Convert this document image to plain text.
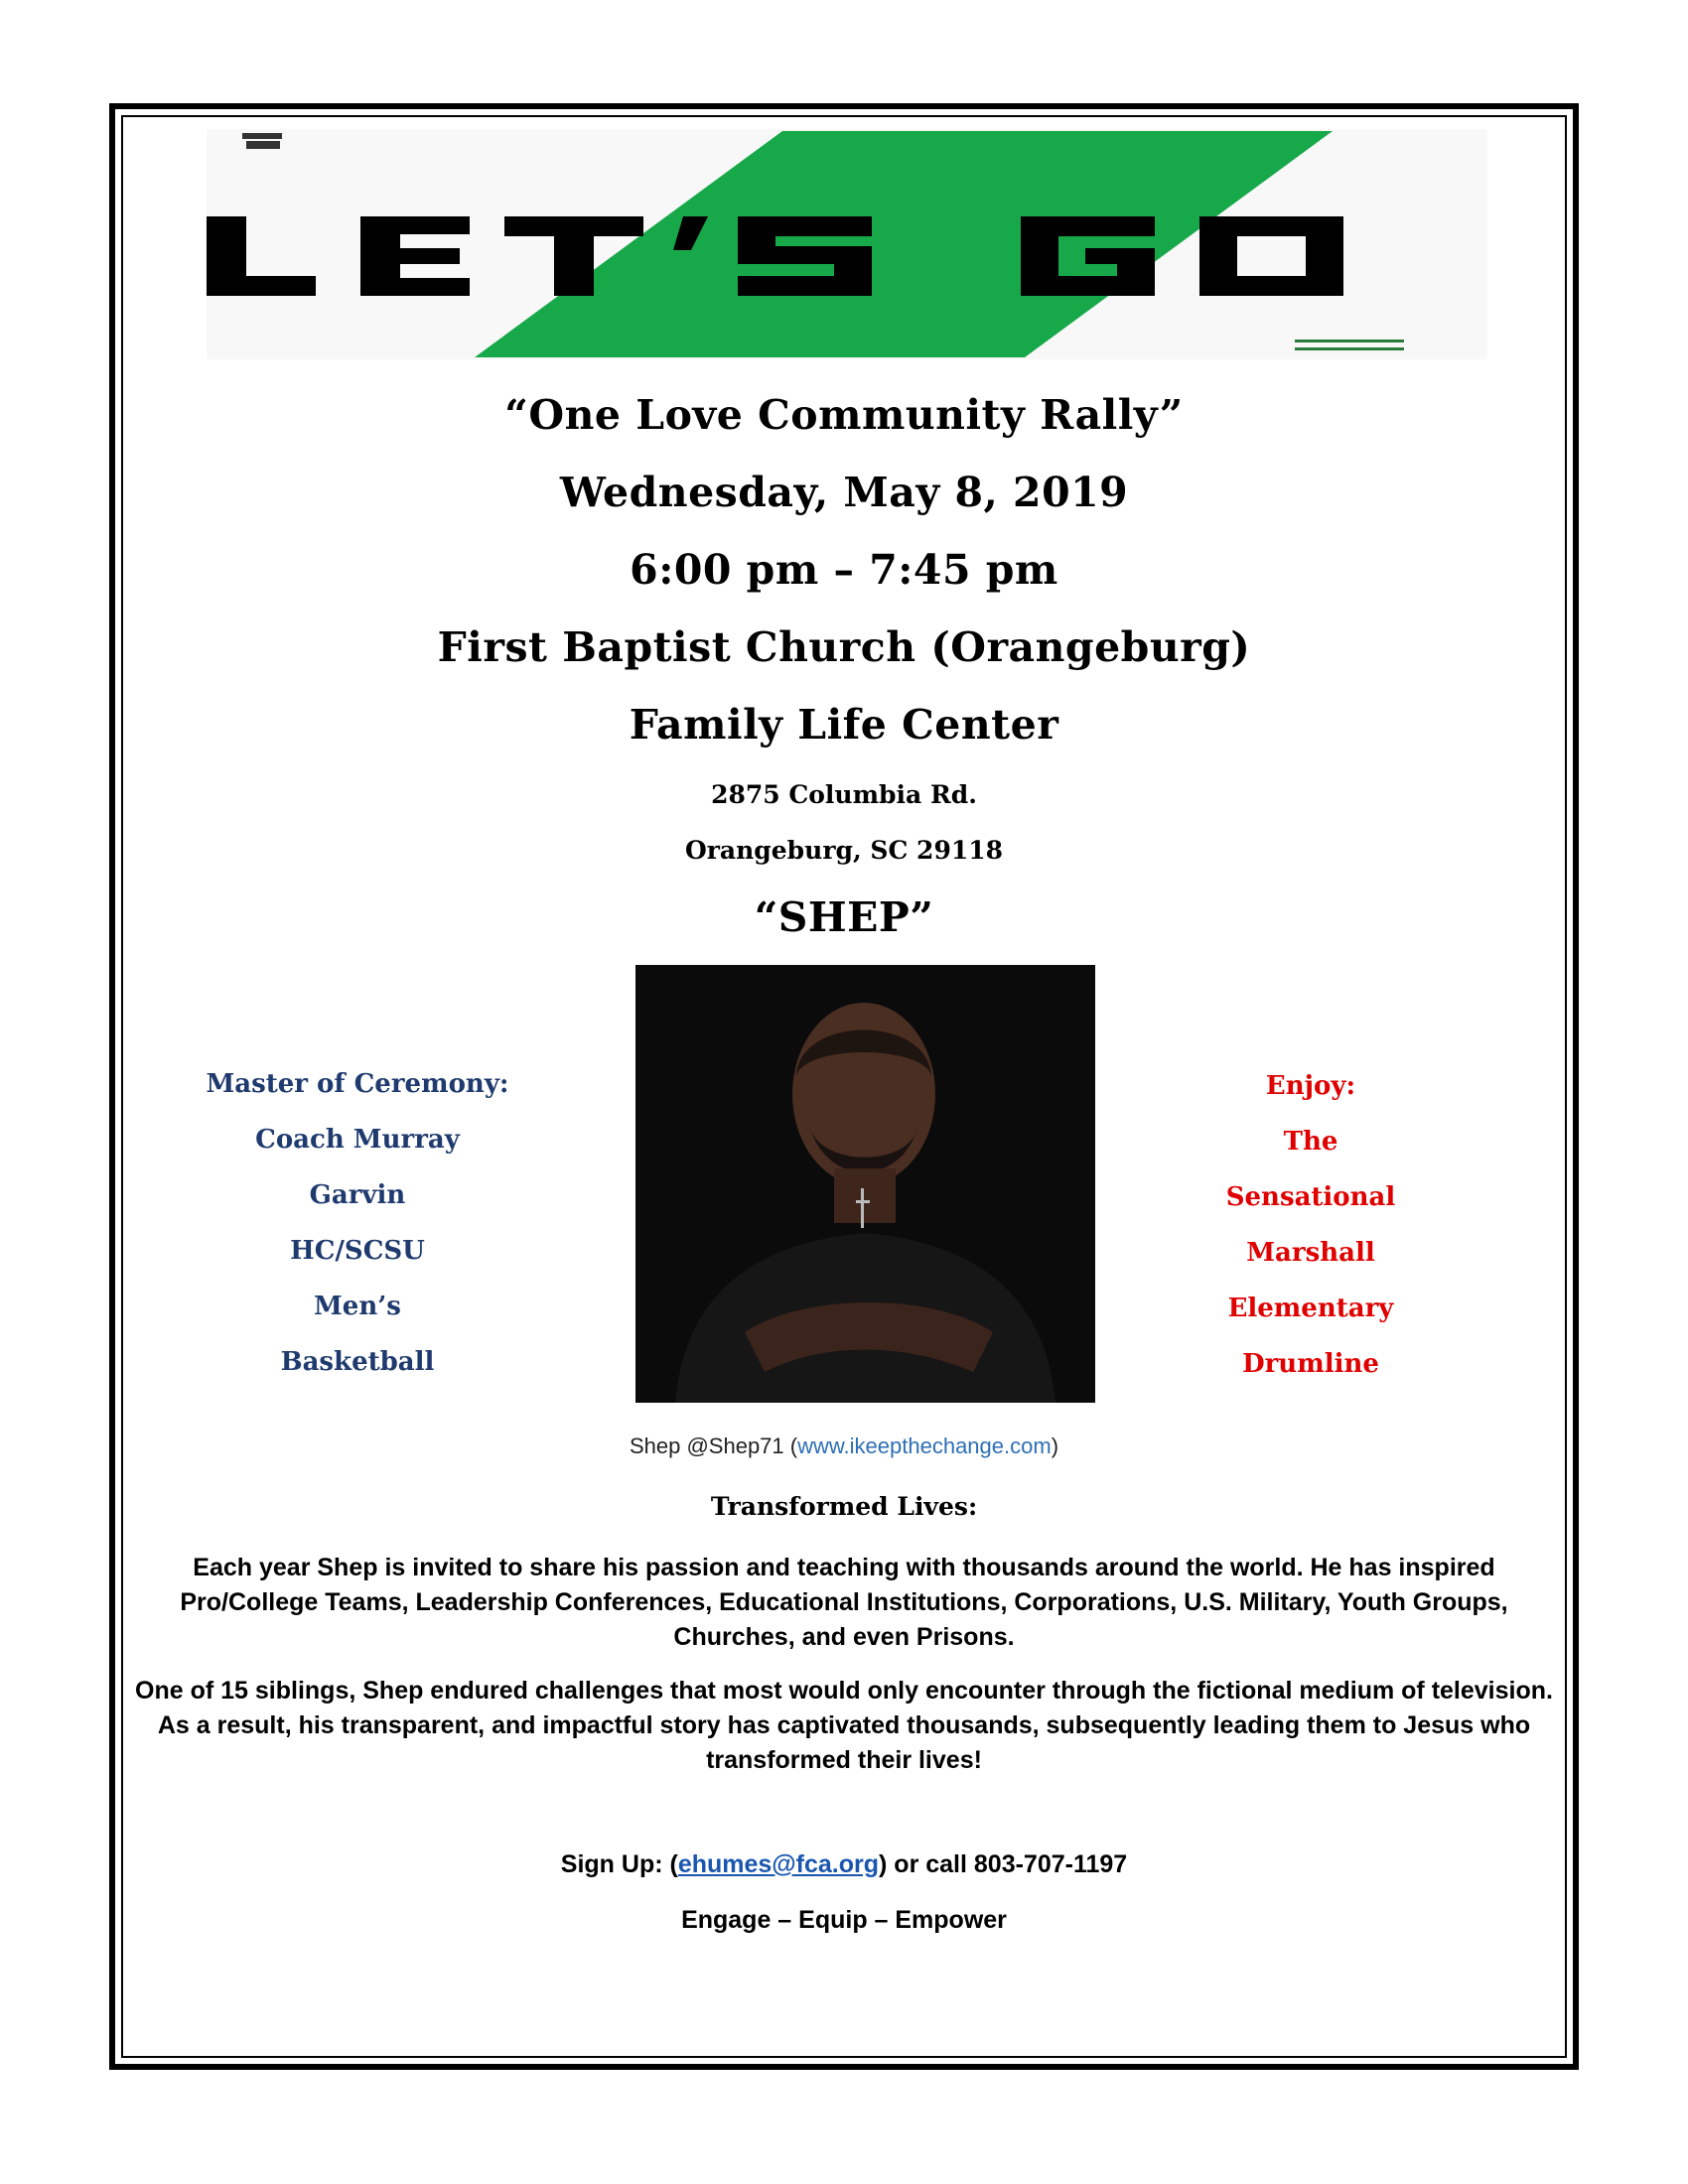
“One Love Community Rally”
Wednesday, May 8, 2019
6:00 pm – 7:45 pm
First Baptist Church (Orangeburg)
Family Life Center
2875 Columbia Rd.
Orangeburg, SC 29118
“SHEP”
Master of Ceremony:
Coach Murray
Garvin
HC/SCSU
Men’s
Basketball
Enjoy:
The
Sensational
Marshall
Elementary
Drumline
Shep @Shep71 (www.ikeepthechange.com)
Transformed Lives:
Each year Shep is invited to share his passion and teaching with thousands around the world. He has inspired Pro/College Teams, Leadership Conferences, Educational Institutions, Corporations, U.S. Military, Youth Groups, Churches, and even Prisons.
One of 15 siblings, Shep endured challenges that most would only encounter through the fictional medium of television. As a result, his transparent, and impactful story has captivated thousands, subsequently leading them to Jesus who transformed their lives!
Sign Up: (ehumes@fca.org) or call 803-707-1197
Engage – Equip – Empower
